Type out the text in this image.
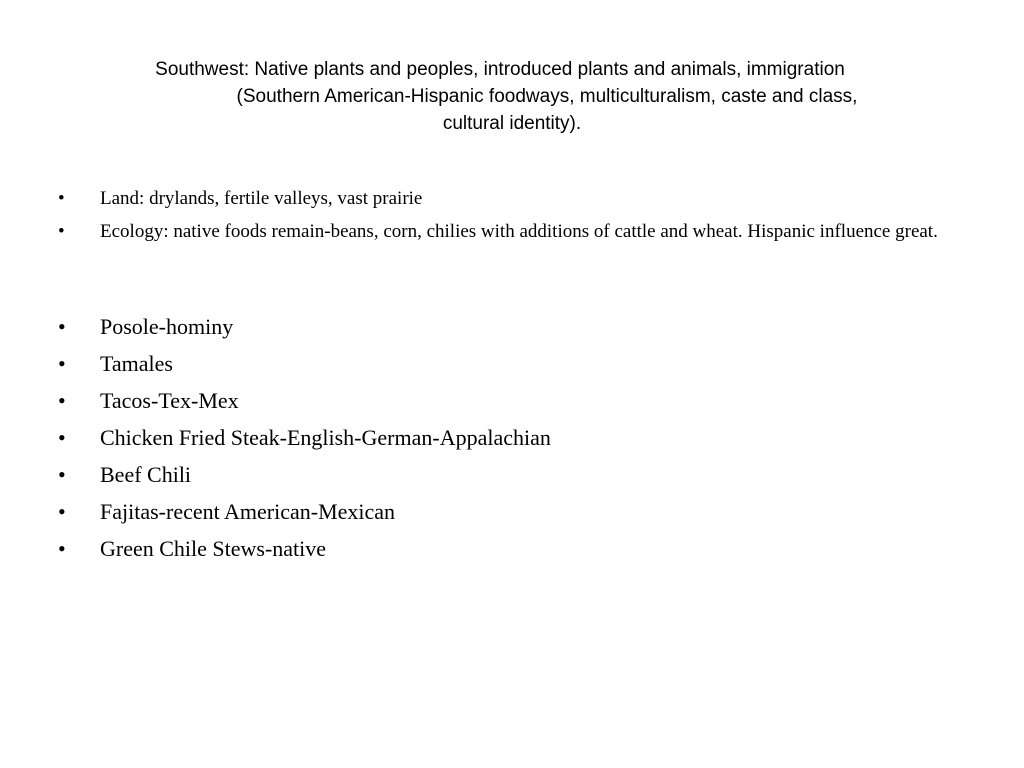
Southwest: Native plants and peoples, introduced plants and animals, immigration
(Southern American-Hispanic foodways, multiculturalism, caste and class,
cultural identity).
• Land: drylands, fertile valleys, vast prairie
• Ecology: native foods remain-beans, corn, chilies with additions of cattle and wheat. Hispanic influence great.
• Posole-hominy
• Tamales
• Tacos-Tex-Mex
• Chicken Fried Steak-English-German-Appalachian
• Beef Chili
• Fajitas-recent American-Mexican
• Green Chile Stews-native
